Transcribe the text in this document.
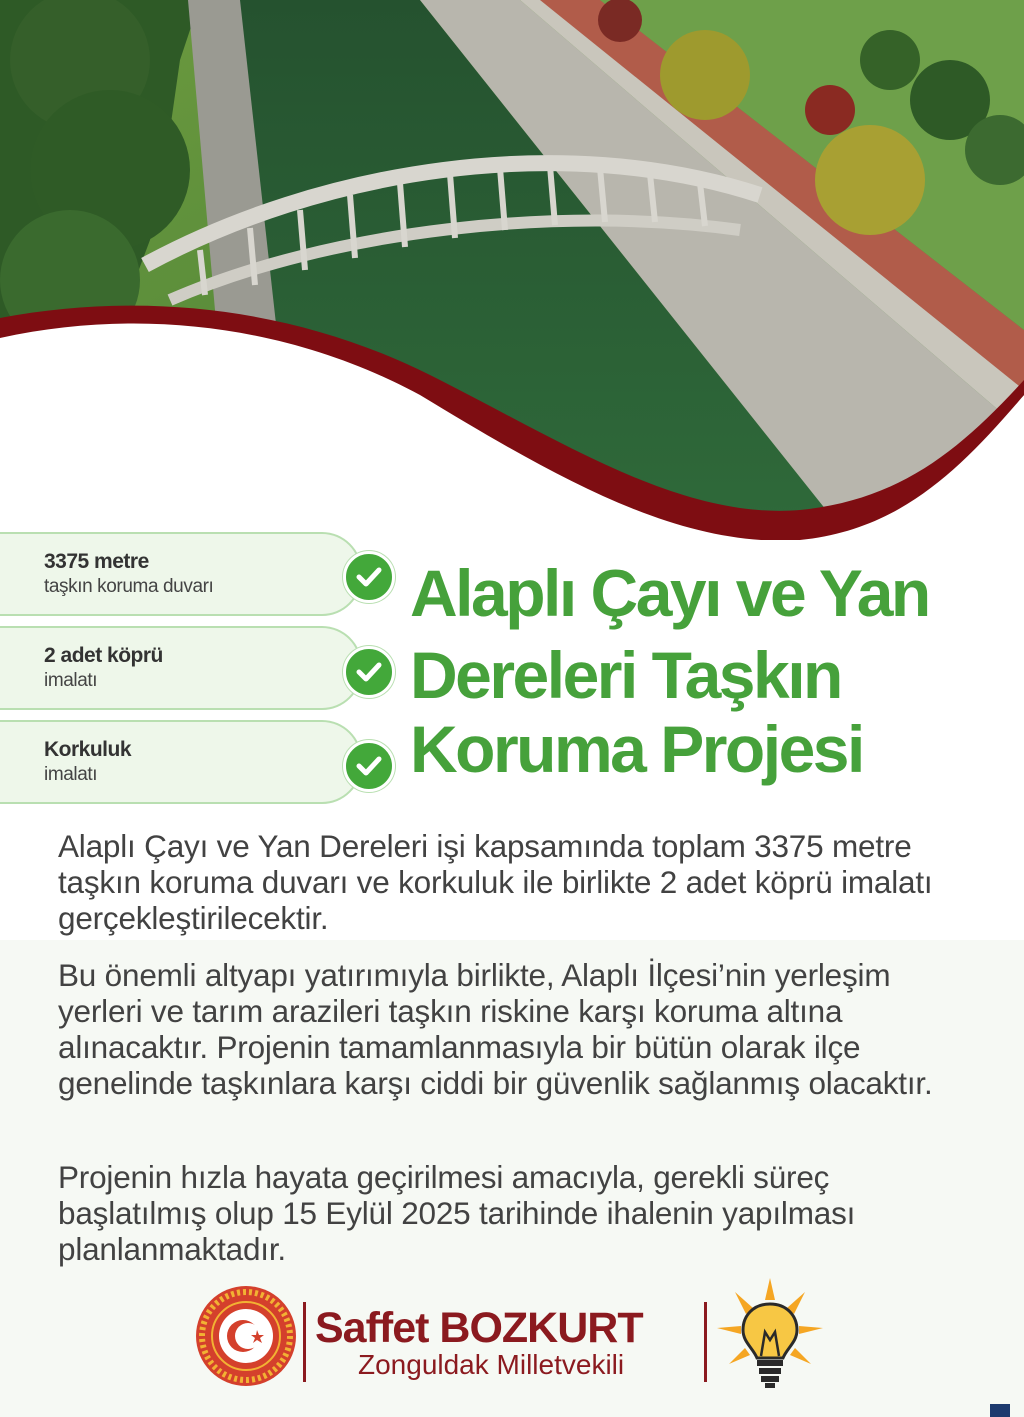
3375 metre
taşkın koruma duvarı
2 adet köprü
imalatı
Korkuluk
imalatı
Alaplı Çayı ve Yan
Dereleri Taşkın
Koruma Projesi

Alaplı Çayı ve Yan Dereleri işi kapsamında toplam 3375 metre taşkın koruma duvarı ve korkuluk ile birlikte 2 adet köprü imalatı gerçekleştirilecektir.

Bu önemli altyapı yatırımıyla birlikte, Alaplı İlçesi’nin yerleşim yerleri ve tarım arazileri taşkın riskine karşı koruma altına alınacaktır. Projenin tamamlanmasıyla bir bütün olarak ilçe genelinde taşkınlara karşı ciddi bir güvenlik sağlanmış olacaktır.

Projenin hızla hayata geçirilmesi amacıyla, gerekli süreç başlatılmış olup 15 Eylül 2025 tarihinde ihalenin yapılması planlanmaktadır.

Saffet BOZKURT
Zonguldak Milletvekili
